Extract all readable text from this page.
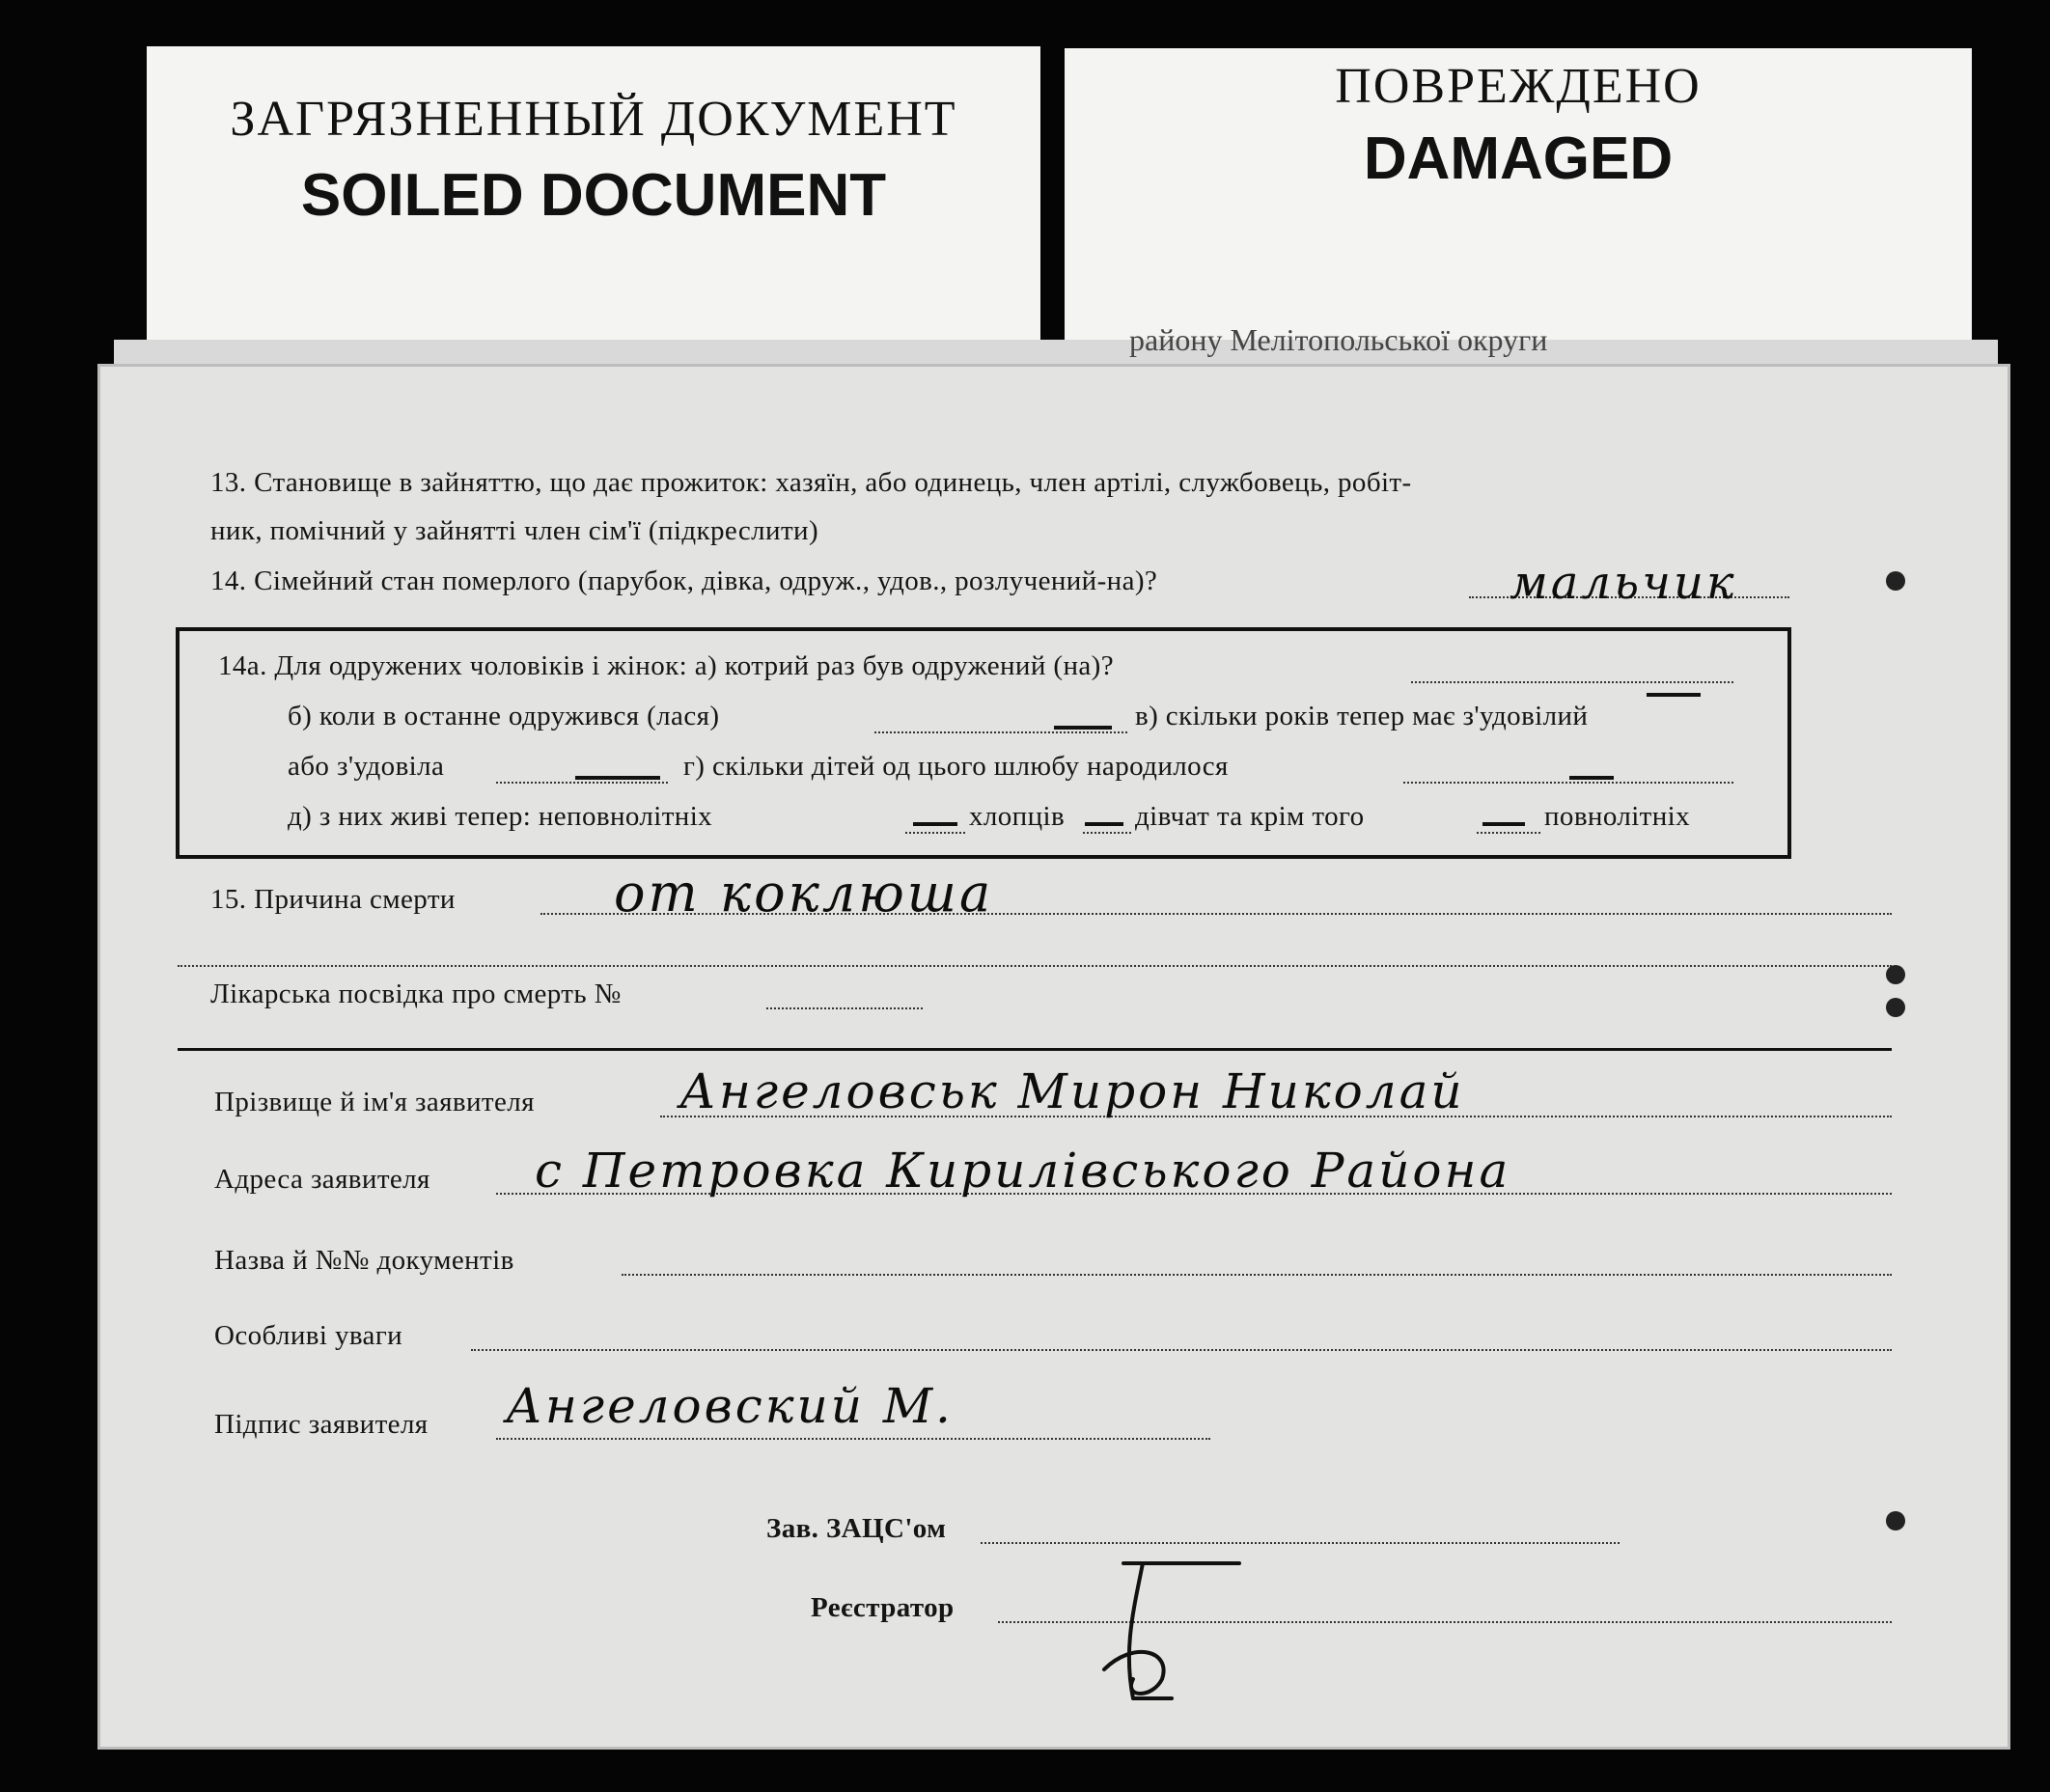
ЗАГРЯЗНЕННЫЙ ДОКУМЕНТ
SOILED DOCUMENT
ПОВРЕЖДЕНО
DAMAGED
району Мелітопольської округи
13. Становище в зайняттю, що дає прожиток: хазяїн, або одинець, член артілі, службовець, робіт-
ник, помічний у зайнятті член сім'ї (підкреслити)
14. Сімейний стан померлого (парубок, дівка, одруж., удов., розлучений-на)?	мальчик
14а. Для одружених чоловіків і жінок: а) котрий раз був одружений (на)?
б) коли в останне одружився (лася)	в) скільки років тепер має з'удовілий
або з'удовіла	г) скільки дітей од цього шлюбу народилося
д) з них живі тепер: неповнолітніх	хлопців	дівчат та крім того	повнолітніх
15. Причина смерти	от коклюша
Лікарська посвідка про смерть №
Прізвище й ім'я заявителя	Ангеловськ Мирон Николай
Адреса заявителя с Петровка Кирилівського Района
Назва й №№ документів
Особливі уваги
Підпис заявителя Ангеловский М.
Зав. ЗАЦС'ом
Реєстратор
